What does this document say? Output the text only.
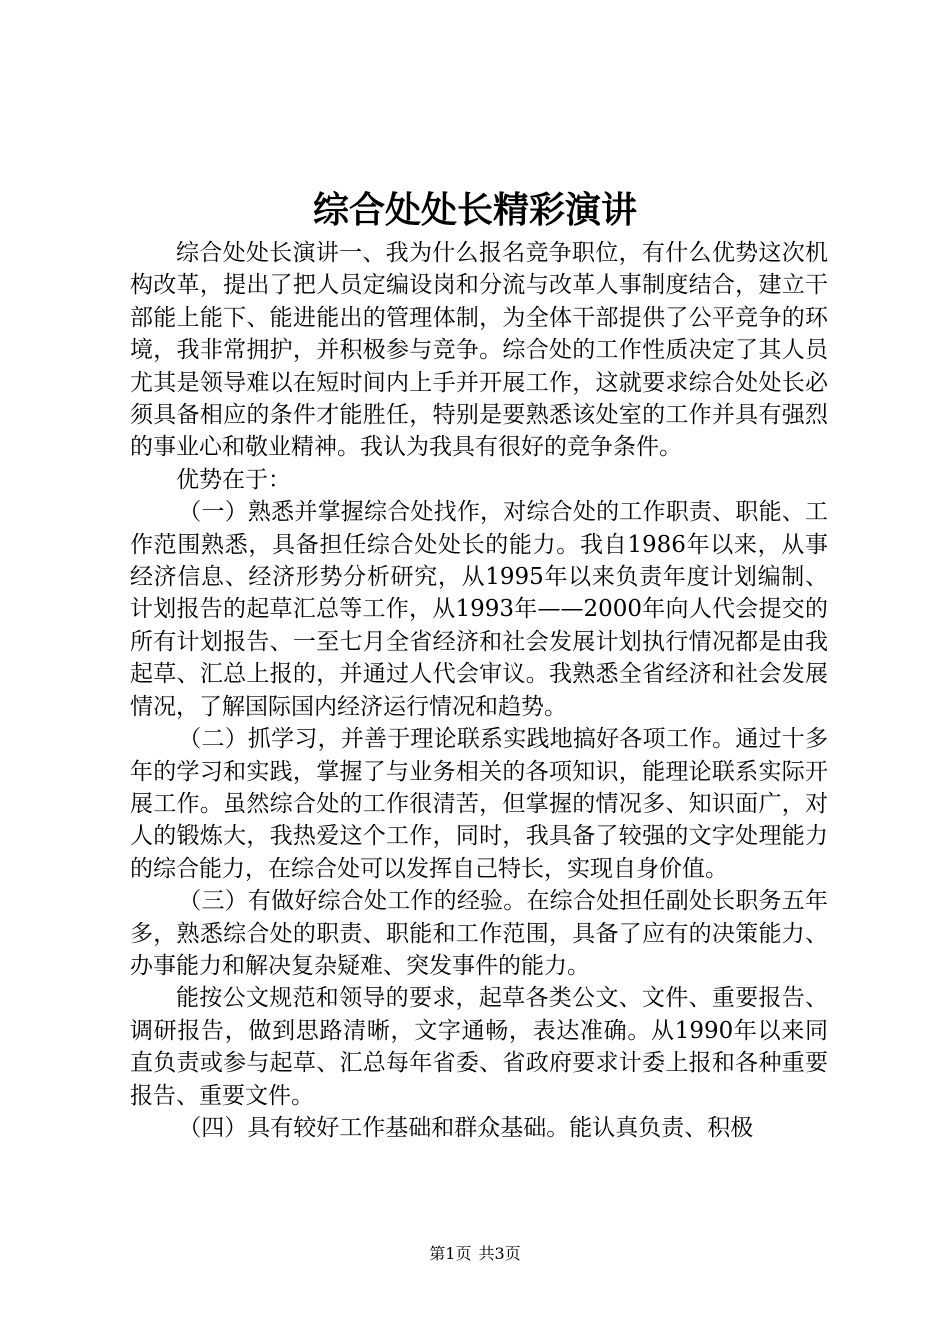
综合处处长精彩演讲

综合处处长演讲一、我为什么报名竞争职位，有什么优势这次机构改革，提出了把人员定编设岗和分流与改革人事制度结合，建立干部能上能下、能进能出的管理体制，为全体干部提供了公平竞争的环境，我非常拥护，并积极参与竞争。综合处的工作性质决定了其人员尤其是领导难以在短时间内上手并开展工作，这就要求综合处处长必须具备相应的条件才能胜任，特别是要熟悉该处室的工作并具有强烈的事业心和敬业精神。我认为我具有很好的竞争条件。

优势在于：

（一）熟悉并掌握综合处找作，对综合处的工作职责、职能、工作范围熟悉，具备担任综合处处长的能力。我自1986年以来，从事经济信息、经济形势分析研究，从1995年以来负责年度计划编制、计划报告的起草汇总等工作，从1993年——2000年向人代会提交的所有计划报告、一至七月全省经济和社会发展计划执行情况都是由我起草、汇总上报的，并通过人代会审议。我熟悉全省经济和社会发展情况，了解国际国内经济运行情况和趋势。

（二）抓学习，并善于理论联系实践地搞好各项工作。通过十多年的学习和实践，掌握了与业务相关的各项知识，能理论联系实际开展工作。虽然综合处的工作很清苦，但掌握的情况多、知识面广，对人的锻炼大，我热爱这个工作，同时，我具备了较强的文字处理能力的综合能力，在综合处可以发挥自己特长，实现自身价值。

（三）有做好综合处工作的经验。在综合处担任副处长职务五年多，熟悉综合处的职责、职能和工作范围，具备了应有的决策能力、办事能力和解决复杂疑难、突发事件的能力。

能按公文规范和领导的要求，起草各类公文、文件、重要报告、调研报告，做到思路清晰，文字通畅，表达准确。从1990年以来同直负责或参与起草、汇总每年省委、省政府要求计委上报和各种重要报告、重要文件。

（四）具有较好工作基础和群众基础。能认真负责、积极

第1页 共3页
